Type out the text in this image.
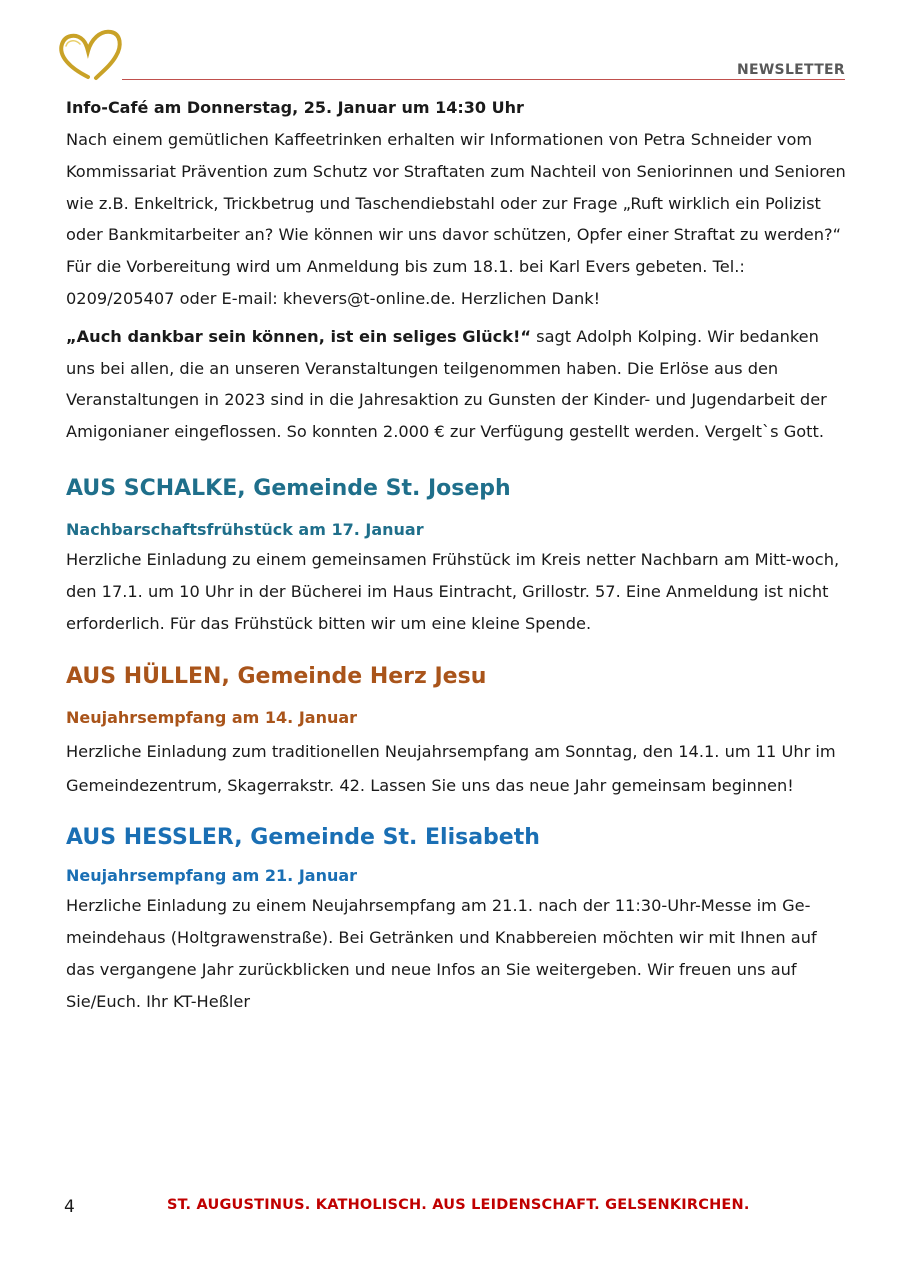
NEWSLETTER
Info-Café am Donnerstag, 25. Januar um 14:30 Uhr

Nach einem gemütlichen Kaffeetrinken erhalten wir Informationen von Petra Schneider vom Kommissariat Prävention zum Schutz vor Straftaten zum Nachteil von Seniorinnen und Senioren wie z.B. Enkeltrick, Trickbetrug und Taschendiebstahl oder zur Frage „Ruft wirklich ein Polizist oder Bankmitarbeiter an? Wie können wir uns davor schützen, Opfer einer Straftat zu werden?“ Für die Vorbereitung wird um Anmeldung bis zum 18.1. bei Karl Evers gebeten. Tel.: 0209/205407 oder E-mail: khevers@t-online.de. Herzlichen Dank!

„Auch dankbar sein können, ist ein seliges Glück!“ sagt Adolph Kolping. Wir bedanken uns bei allen, die an unseren Veranstaltungen teilgenommen haben. Die Erlöse aus den Veranstaltungen in 2023 sind in die Jahresaktion zu Gunsten der Kinder- und Jugendarbeit der Amigonianer eingeflossen. So konnten 2.000 € zur Verfügung gestellt werden. Vergelt`s Gott.

AUS SCHALKE, Gemeinde St. Joseph
Nachbarschaftsfrühstück am 17. Januar

Herzliche Einladung zu einem gemeinsamen Frühstück im Kreis netter Nachbarn am Mitt-woch, den 17.1. um 10 Uhr in der Bücherei im Haus Eintracht, Grillostr. 57. Eine Anmeldung ist nicht erforderlich. Für das Frühstück bitten wir um eine kleine Spende.

AUS HÜLLEN, Gemeinde Herz Jesu
Neujahrsempfang am 14. Januar

Herzliche Einladung zum traditionellen Neujahrsempfang am Sonntag, den 14.1. um 11 Uhr im Gemeindezentrum, Skagerrakstr. 42. Lassen Sie uns das neue Jahr gemeinsam beginnen!

AUS HESSLER, Gemeinde St. Elisabeth
Neujahrsempfang am 21. Januar

Herzliche Einladung zu einem Neujahrsempfang am 21.1. nach der 11:30-Uhr-Messe im Ge-meindehaus (Holtgrawenstraße). Bei Getränken und Knabbereien möchten wir mit Ihnen auf das vergangene Jahr zurückblicken und neue Infos an Sie weitergeben. Wir freuen uns auf Sie/Euch. Ihr KT-Heßler

4	ST. AUGUSTINUS. KATHOLISCH. AUS LEIDENSCHAFT. GELSENKIRCHEN.
